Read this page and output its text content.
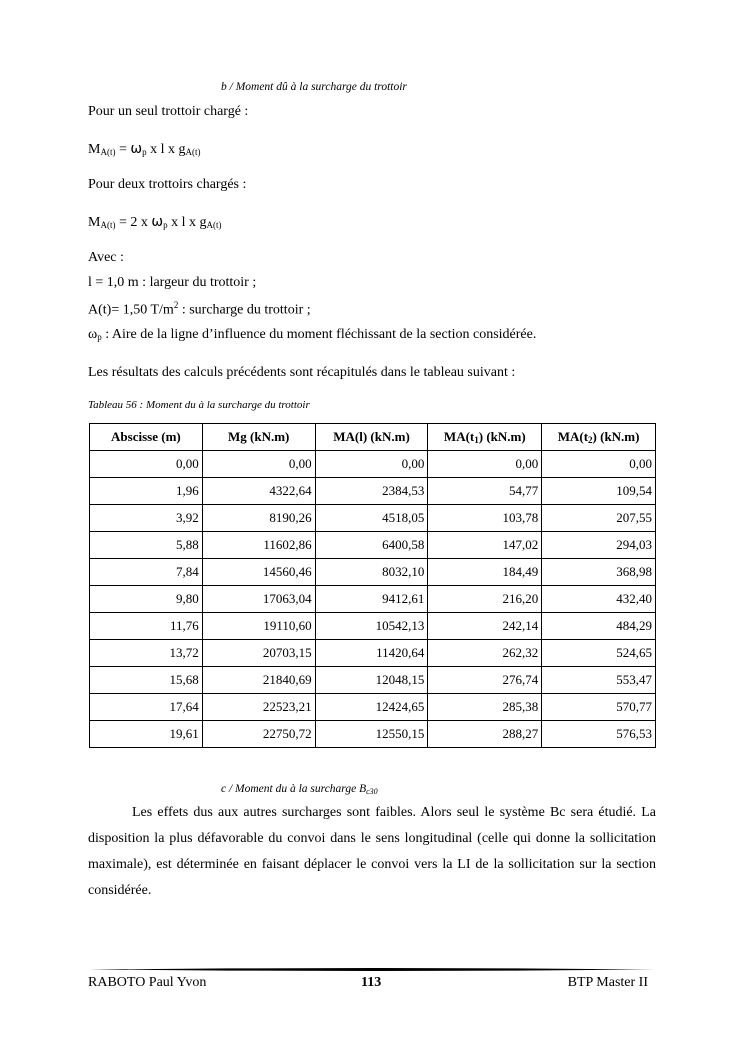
b / Moment dû à la surcharge du trottoir
Pour un seul trottoir chargé :
$M_{A(t)} = \omega_p$ x l x $g_{A(t)}$
Pour deux trottoirs chargés :
$M_{A(t)} = 2$ x $\omega_p$ x l x $g_{A(t)}$
Avec :
l = 1,0 m : largeur du trottoir ;
A(t)= 1,50 $T/m^2$ : surcharge du trottoir ;
$\omega_p$ : Aire de la ligne d’influence du moment fléchissant de la section considérée.
Les résultats des calculs précédents sont récapitulés dans le tableau suivant :
Tableau 56 : Moment du à la surcharge du trottoir
Abscisse (m)	Mg (kN.m)	MA(l) (kN.m)	$MA(t_1)$ (kN.m)	$MA(t_2)$ (kN.m)
0,00	0,00	0,00	0,00	0,00
1,96	4322,64	2384,53	54,77	109,54
3,92	8190,26	4518,05	103,78	207,55
5,88	11602,86	6400,58	147,02	294,03
7,84	14560,46	8032,10	184,49	368,98
9,80	17063,04	9412,61	216,20	432,40
11,76	19110,60	10542,13	242,14	484,29
13,72	20703,15	11420,64	262,32	524,65
15,68	21840,69	12048,15	276,74	553,47
17,64	22523,21	12424,65	285,38	570,77
19,61	22750,72	12550,15	288,27	576,53
c / Moment du à la surcharge Bc30
Les effets dus aux autres surcharges sont faibles. Alors seul le système Bc sera étudié. La disposition la plus défavorable du convoi dans le sens longitudinal (celle qui donne la sollicitation maximale), est déterminée en faisant déplacer le convoi vers la LI de la sollicitation sur la section considérée.
RABOTO Paul Yvon	113	BTP Master II
